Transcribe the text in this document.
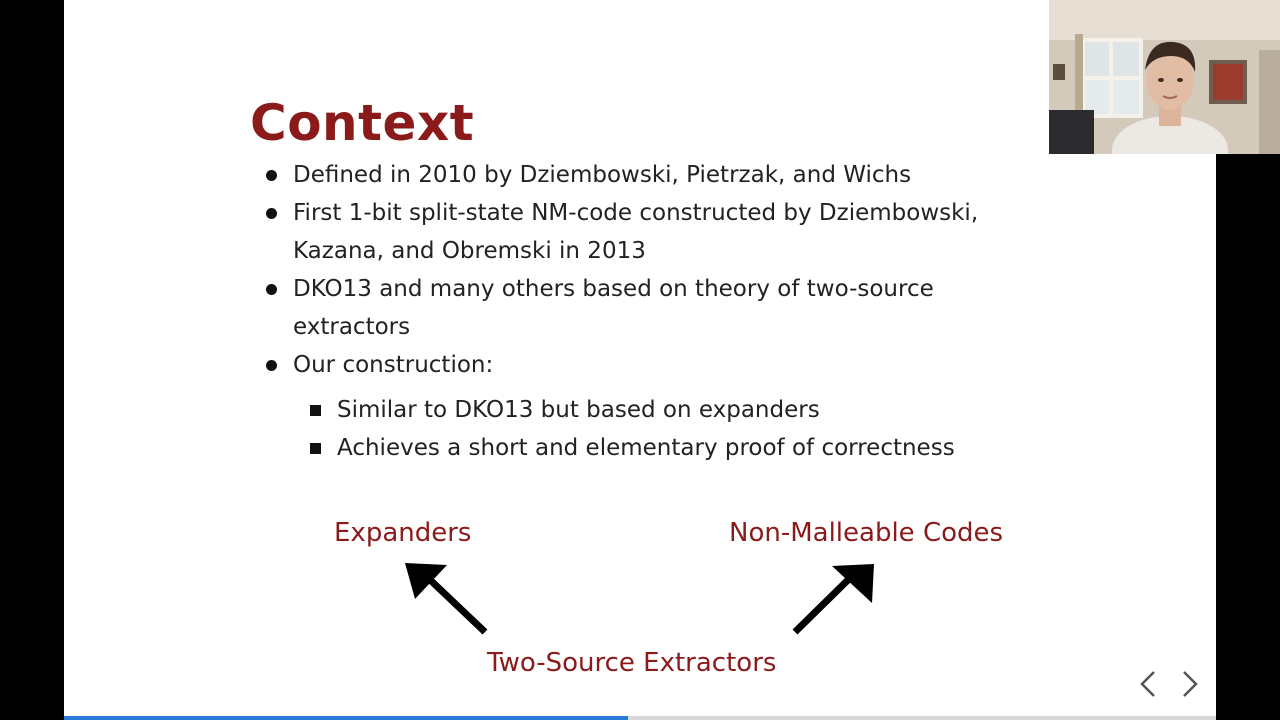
Context
Defined in 2010 by Dziembowski, Pietrzak, and Wichs
First 1-bit split-state NM-code constructed by Dziembowski, Kazana, and Obremski in 2013
DKO13 and many others based on theory of two-source extractors
Our construction:
Similar to DKO13 but based on expanders
Achieves a short and elementary proof of correctness
Expanders	Non-Malleable Codes
Two-Source Extractors
